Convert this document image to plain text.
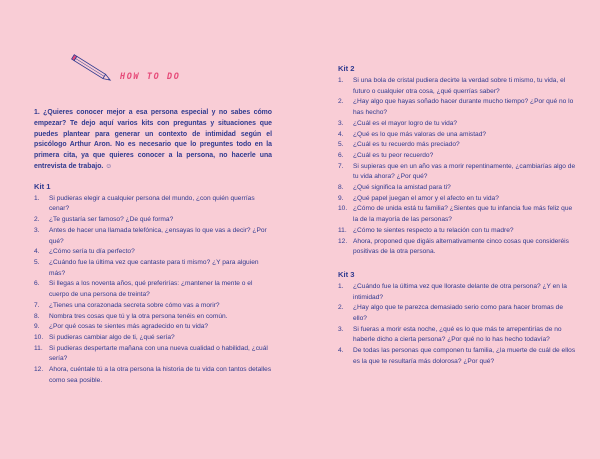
HOW TO DO
1. ¿Quieres conocer mejor a esa persona especial y no sabes cómo empezar? Te dejo aquí varios kits con preguntas y situaciones que puedes plantear para generar un contexto de intimidad según el psicólogo Arthur Aron. No es necesario que lo preguntes todo en la primera cita, ya que quieres conocer a la persona, no hacerle una entrevista de trabajo. ☺
Kit 1
1.	Si pudieras elegir a cualquier persona del mundo, ¿con quién querrías cenar?
2.	¿Te gustaría ser famoso? ¿De qué forma?
3.	Antes de hacer una llamada telefónica, ¿ensayas lo que vas a decir? ¿Por qué?
4.	¿Cómo sería tu día perfecto?
5.	¿Cuándo fue la última vez que cantaste para ti mismo? ¿Y para alguien más?
6.	Si llegas a los noventa años, qué preferirías: ¿mantener la mente o el cuerpo de una persona de treinta?
7.	¿Tienes una corazonada secreta sobre cómo vas a morir?
8.	Nombra tres cosas que tú y la otra persona tenéis en común.
9.	¿Por qué cosas te sientes más agradecido en tu vida?
10. Si pudieras cambiar algo de ti, ¿qué sería?
11. Si pudieras despertarte mañana con una nueva cualidad o habilidad, ¿cuál sería?
12. Ahora, cuéntale tú a la otra persona la historia de tu vida con tantos detalles como sea posible.
Kit 2
1.	Si una bola de cristal pudiera decirte la verdad sobre ti mismo, tu vida, el futuro o cualquier otra cosa, ¿qué querrías saber?
2.	¿Hay algo que hayas soñado hacer durante mucho tiempo? ¿Por qué no lo has hecho?
3.	¿Cuál es el mayor logro de tu vida?
4.	¿Qué es lo que más valoras de una amistad?
5.	¿Cuál es tu recuerdo más preciado?
6.	¿Cuál es tu peor recuerdo?
7.	Si supieras que en un año vas a morir repentinamente, ¿cambiarías algo de tu vida ahora? ¿Por qué?
8.	¿Qué significa la amistad para ti?
9.	¿Qué papel juegan el amor y el afecto en tu vida?
10. ¿Cómo de unida está tu familia? ¿Sientes que tu infancia fue más feliz que la de la mayoría de las personas?
11. ¿Cómo te sientes respecto a tu relación con tu madre?
12. Ahora, proponed que digáis alternativamente cinco cosas que consideréis positivas de la otra persona.
Kit 3
1.	¿Cuándo fue la última vez que lloraste delante de otra persona? ¿Y en la intimidad?
2.	¿Hay algo que te parezca demasiado serio como para hacer bromas de ello?
3.	Si fueras a morir esta noche, ¿qué es lo que más te arrepentirías de no haberle dicho a cierta persona? ¿Por qué no lo has hecho todavía?
4.	De todas las personas que componen tu familia, ¿la muerte de cuál de ellos es la que te resultaría más dolorosa? ¿Por qué?
